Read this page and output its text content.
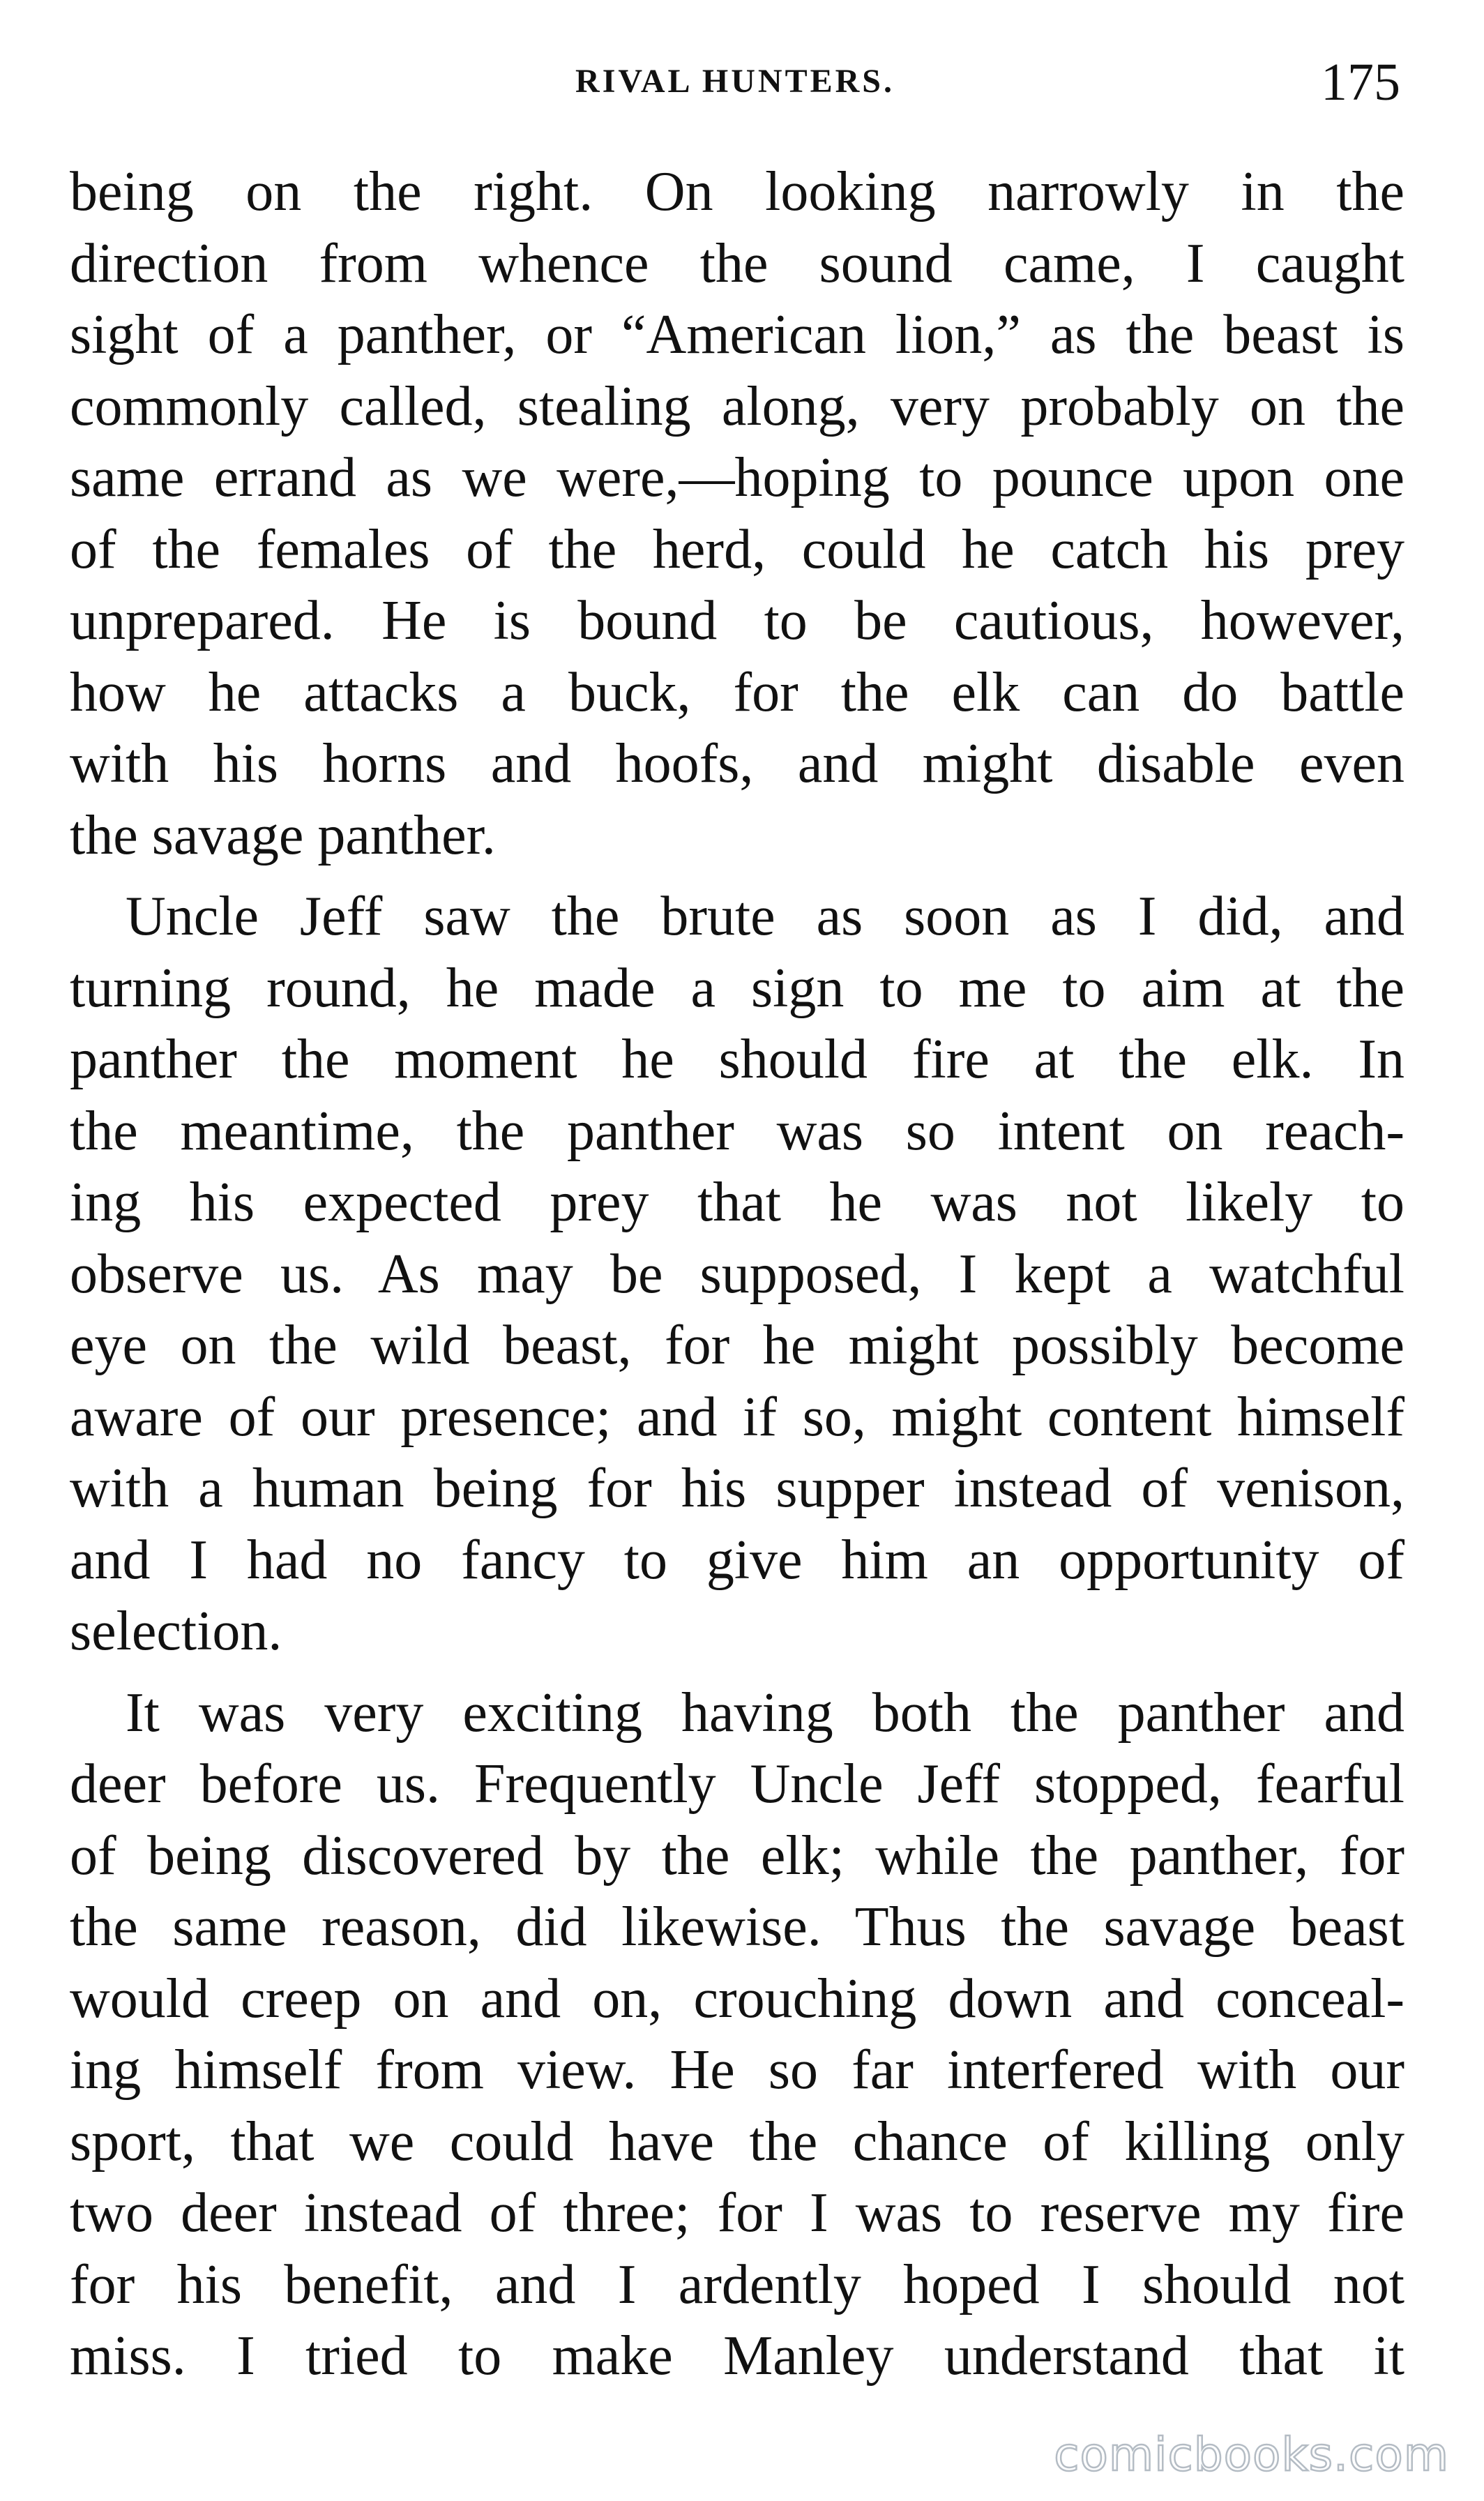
RIVAL HUNTERS.	175
being on the right. On looking narrowly in the
direction from whence the sound came, I caught
sight of a panther, or “American lion,” as the beast is
commonly called, stealing along, very probably on the
same errand as we were,—hoping to pounce upon one
of the females of the herd, could he catch his prey
unprepared. He is bound to be cautious, however,
how he attacks a buck, for the elk can do battle
with his horns and hoofs, and might disable even
the savage panther.
Uncle Jeff saw the brute as soon as I did, and
turning round, he made a sign to me to aim at the
panther the moment he should fire at the elk. In
the meantime, the panther was so intent on reach-
ing his expected prey that he was not likely to
observe us. As may be supposed, I kept a watchful
eye on the wild beast, for he might possibly become
aware of our presence; and if so, might content himself
with a human being for his supper instead of venison,
and I had no fancy to give him an opportunity of
selection.
It was very exciting having both the panther and
deer before us. Frequently Uncle Jeff stopped, fearful
of being discovered by the elk; while the panther, for
the same reason, did likewise. Thus the savage beast
would creep on and on, crouching down and conceal-
ing himself from view. He so far interfered with our
sport, that we could have the chance of killing only
two deer instead of three; for I was to reserve my fire
for his benefit, and I ardently hoped I should not
miss. I tried to make Manley understand that it
comicbooks.com
